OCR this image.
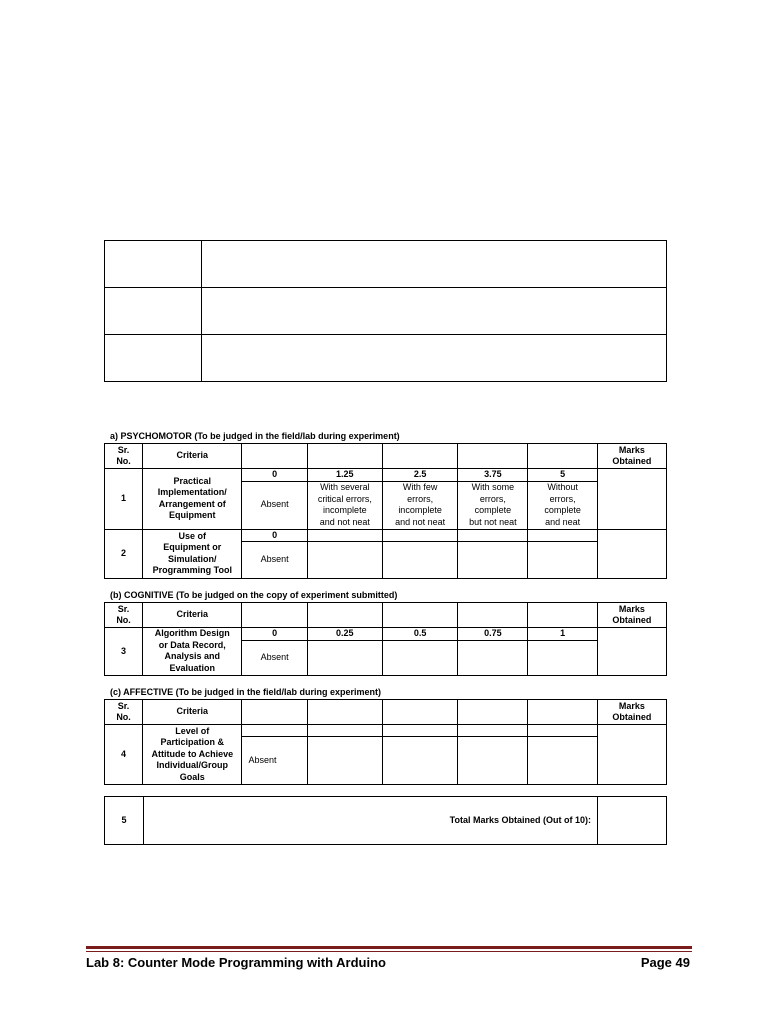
a) PSYCHOMOTOR (To be judged in the field/lab during experiment)
Sr.
No.	Criteria						Marks
Obtained
1	Practical
Implementation/
Arrangement of
Equipment	0	1.25	2.5	3.75	5	
		Absent	With several
critical errors,
incomplete
and not neat	With few
errors,
incomplete
and not neat	With some
errors,
complete
but not neat	Without
errors,
complete
and neat	
2	Use of
Equipment or
Simulation/
Programming Tool	0					
		Absent					
(b) COGNITIVE (To be judged on the copy of experiment submitted)
Sr.
No.	Criteria						Marks
Obtained
3	Algorithm Design
or Data Record,
Analysis and
Evaluation	0	0.25	0.5	0.75	1	
		Absent					
(c) AFFECTIVE (To be judged in the field/lab during experiment)
Sr.
No.	Criteria						Marks
Obtained
4	Level of
Participation &
Attitude to Achieve
Individual/Group
Goals						
		Absent					
5	Total Marks Obtained (Out of 10):	
Lab 8: Counter Mode Programming with Arduino	Page 49
